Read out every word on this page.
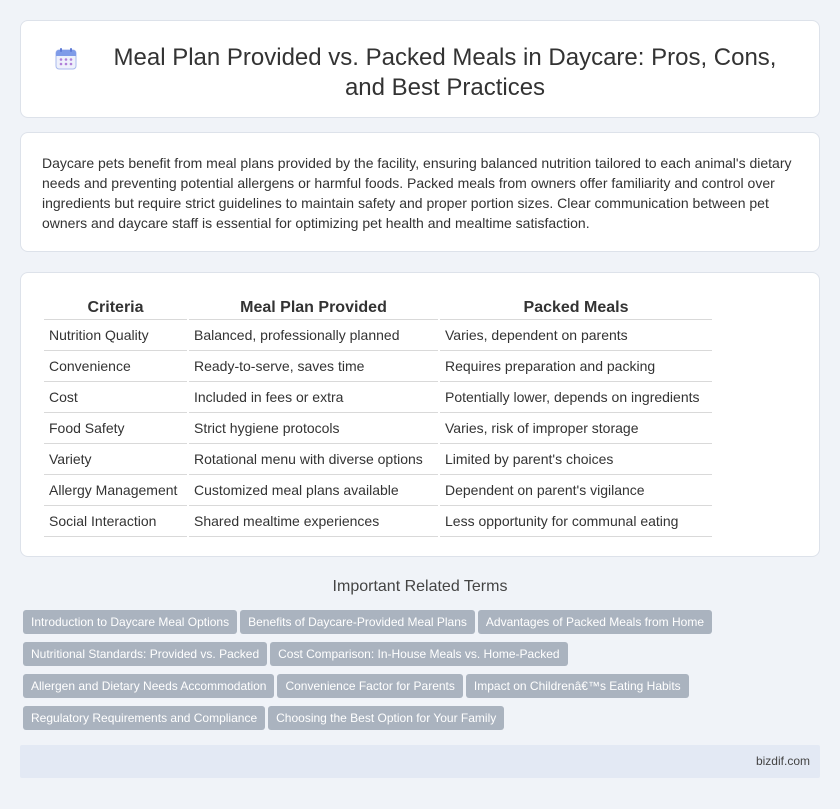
Meal Plan Provided vs. Packed Meals in Daycare: Pros, Cons, and Best Practices

Daycare pets benefit from meal plans provided by the facility, ensuring balanced nutrition tailored to each animal's dietary needs and preventing potential allergens or harmful foods. Packed meals from owners offer familiarity and control over ingredients but require strict guidelines to maintain safety and proper portion sizes. Clear communication between pet owners and daycare staff is essential for optimizing pet health and mealtime satisfaction.

Criteria	Meal Plan Provided	Packed Meals
Nutrition Quality	Balanced, professionally planned	Varies, dependent on parents
Convenience	Ready-to-serve, saves time	Requires preparation and packing
Cost	Included in fees or extra	Potentially lower, depends on ingredients
Food Safety	Strict hygiene protocols	Varies, risk of improper storage
Variety	Rotational menu with diverse options	Limited by parent's choices
Allergy Management	Customized meal plans available	Dependent on parent's vigilance
Social Interaction	Shared mealtime experiences	Less opportunity for communal eating
Important Related Terms
Introduction to Daycare Meal Options Benefits of Daycare-Provided Meal Plans Advantages of Packed Meals from Home
Nutritional Standards: Provided vs. Packed Cost Comparison: In-House Meals vs. Home-Packed
Allergen and Dietary Needs Accommodation Convenience Factor for Parents Impact on Childrenâ€™s Eating Habits
Regulatory Requirements and Compliance Choosing the Best Option for Your Family
bizdif.com
